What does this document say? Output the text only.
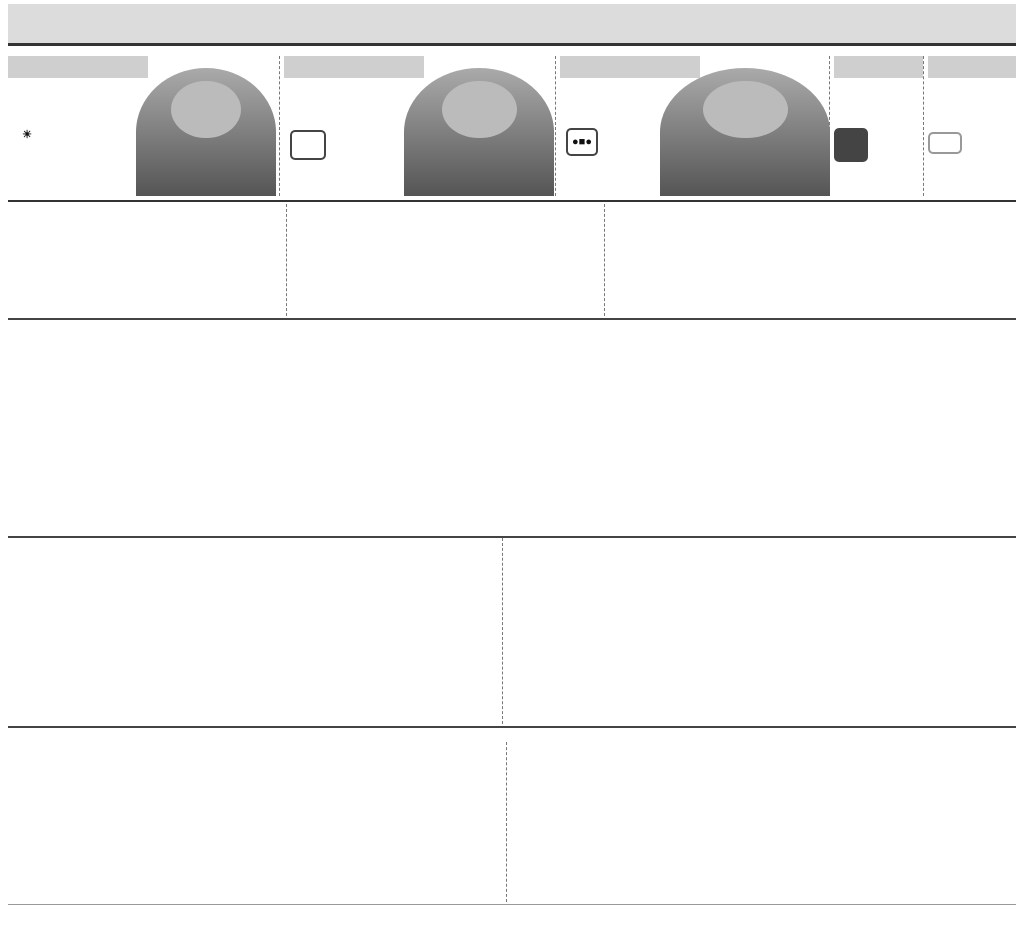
☀
●■●
